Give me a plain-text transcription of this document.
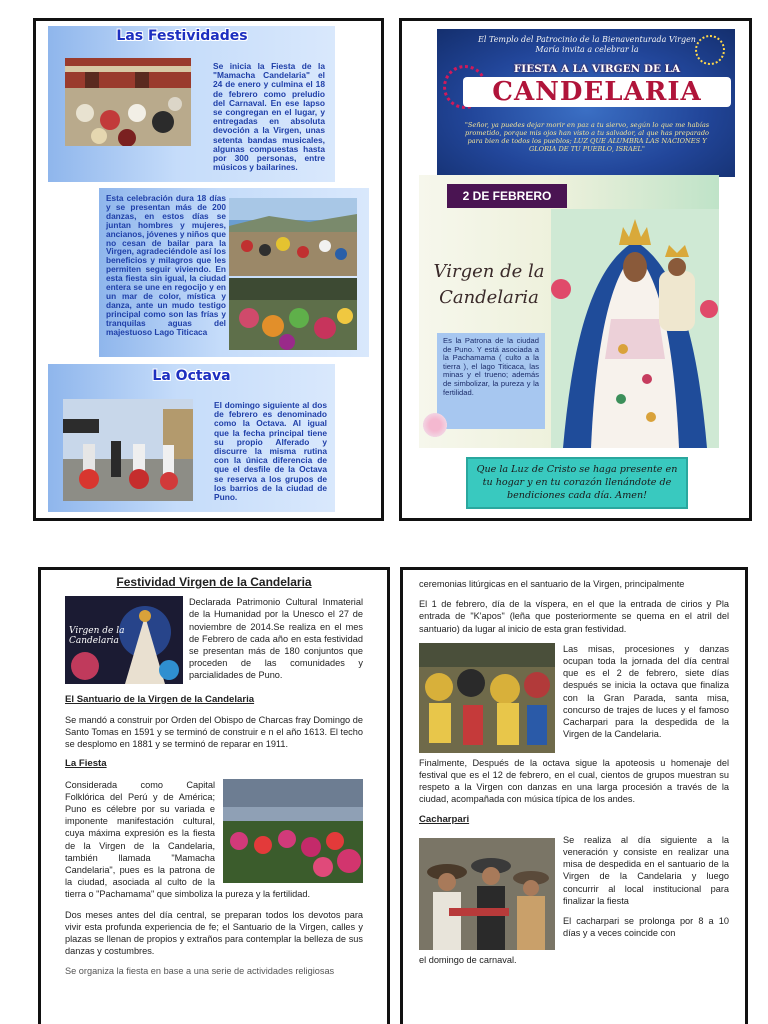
Las Festividades
Se inicia la Fiesta de la "Mamacha Candelaria" el 24 de enero y culmina el 18 de febrero como preludio del Carnaval. En ese lapso se congregan en el lugar, y entregadas en absoluta devoción a la Virgen, unas setenta bandas musicales, algunas compuestas hasta por 300 personas, entre músicos y bailarines.
Esta celebración dura 18 días y se presentan más de 200 danzas, en estos días se juntan hombres y mujeres, ancianos, jóvenes y niños que no cesan de bailar para la Virgen, agradeciéndole así los beneficios y milagros que les permiten seguir viviendo. En esta fiesta sin igual, la ciudad entera se une en regocijo y en un mar de color, mística y danza, ante un mudo testigo principal como son las frías y tranquilas aguas del majestuoso Lago Titicaca
La Octava
El domingo siguiente al dos de febrero es denominado como la Octava. Al igual que la fecha principal tiene su propio Alferado y discurre la misma rutina con la única diferencia de que el desfile de la Octava se reserva a los grupos de los barrios de la ciudad de Puno.
El Templo del Patrocinio de la Bienaventurada Virgen María invita a celebrar la
FIESTA A LA VIRGEN DE LA
CANDELARIA
"Señor, ya puedes dejar morir en paz a tu siervo, según lo que me habías prometido, porque mis ojos han visto a tu salvador, al que has preparado para bien de todos los pueblos; LUZ QUE ALUMBRA LAS NACIONES Y GLORIA DE TU PUEBLO, ISRAEL"
2 DE FEBRERO
Virgen de la
Candelaria
Es la Patrona de la ciudad de Puno. Y está asociada a la Pachamama ( culto a la tierra ), el lago Titicaca, las minas y el trueno; además de simbolizar, la pureza y la fertilidad.
Que la Luz de Cristo se haga presente en tu hogar y en tu corazón llenándote de bendiciones cada día. Amen!
Festividad Virgen de la Candelaria
Virgen de la Candelaria

Declarada Patrimonio Cultural Inmaterial de la Humanidad por la Unesco el 27 de noviembre de 2014.Se realiza en el mes de Febrero de cada año en esta festividad se presentan más de 180 conjuntos que proceden de las comunidades y parcialidades de Puno.

El Santuario de la Virgen de la Candelaria

Se mandó a construir por Orden del Obispo de Charcas fray Domingo de Santo Tomas en 1591 y se terminó de construir e n el año 1613. El techo se desplomo en 1881 y se terminó de reparar en 1911.

La Fiesta

Considerada como Capital Folklórica del Perú y de América; Puno es célebre por su variada e imponente manifestación cultural, cuya máxima expresión es la fiesta de la Virgen de la Candelaria, también llamada "Mamacha Candelaria", pues es la patrona de la ciudad, asociada al culto de la tierra o "Pachamama" que simboliza la pureza y la fertilidad.

Dos meses antes del día central, se preparan todos los devotos para vivir esta profunda experiencia de fe; el Santuario de la Virgen, calles y plazas se llenan de propios y extraños para contemplar la belleza de sus danzas y costumbres.

Se organiza la fiesta en base a una serie de actividades religiosas

ceremonias litúrgicas en el santuario de la Virgen, principalmente

El 1 de febrero, día de la víspera, en el que la entrada de cirios y Pla entrada de "K'apos" (leña que posteriormente se quema en el atril del santuario) da lugar al inicio de esta gran festividad.

Las misas, procesiones y danzas ocupan toda la jornada del día central que es el 2 de febrero, siete días después se inicia la octava que finaliza con la Gran Parada, santa misa, concurso de trajes de luces y el famoso Cacharpari para la despedida de la Virgen de la Candelaria.

Finalmente, Después de la octava sigue la apoteosis u homenaje del festival que es el 12 de febrero, en el cual, cientos de grupos muestran su respeto a la Virgen con danzas en una larga procesión a través de la ciudad, acompañada con música típica de los andes.

Cacharpari

Se realiza al día siguiente a la veneración y consiste en realizar una misa de despedida en el santuario de la Virgen de la Candelaria y luego concurrir al local institucional para finalizar la fiesta

El cacharpari se prolonga por 8 a 10 días y a veces coincide con

el domingo de carnaval.
